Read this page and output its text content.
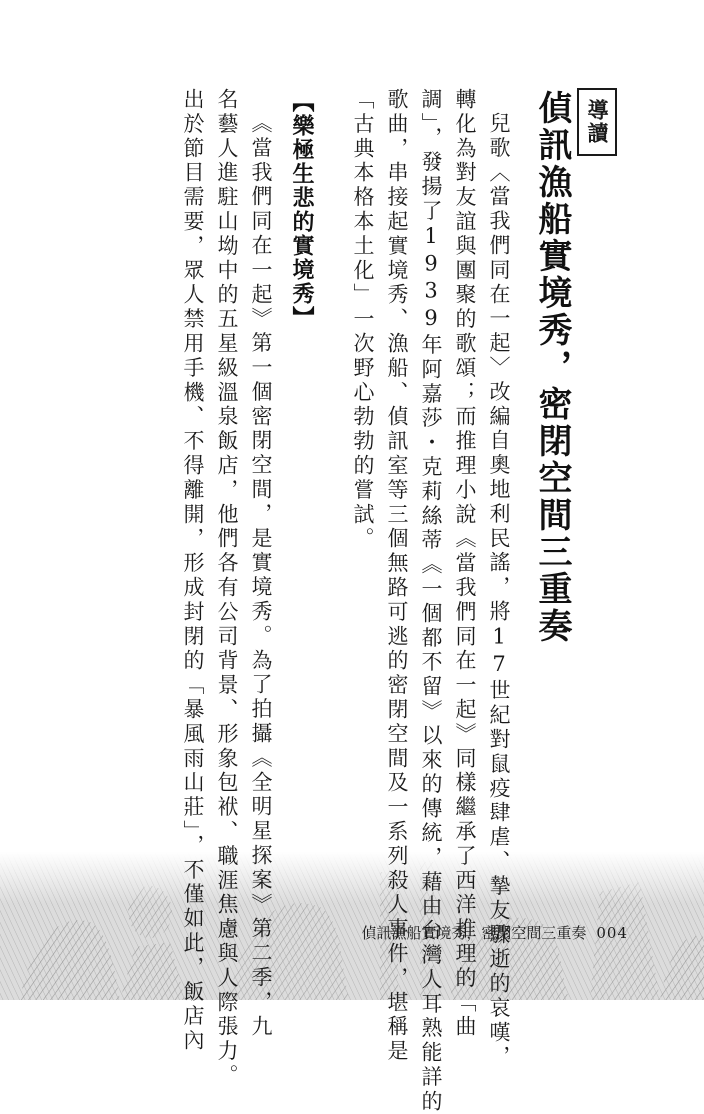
導讀
偵訊漁船實境秀，密閉空間三重奏
兒歌〈當我們同在一起〉改編自奧地利民謠，將17世紀對鼠疫肆虐、摯友驟逝的哀嘆，
轉化為對友誼與團聚的歌頌；而推理小說《當我們同在一起》同樣繼承了西洋推理的「曲
調」，發揚了1939年阿嘉莎・克莉絲蒂《一個都不留》以來的傳統，藉由台灣人耳熟能詳的
歌曲，串接起實境秀、漁船、偵訊室等三個無路可逃的密閉空間及一系列殺人事件，堪稱是
「古典本格本土化」一次野心勃勃的嘗試。
【樂極生悲的實境秀】
《當我們同在一起》第一個密閉空間，是實境秀。為了拍攝《全明星探案》第二季，九
名藝人進駐山坳中的五星級溫泉飯店，他們各有公司背景、形象包袱、職涯焦慮與人際張力。
出於節目需要，眾人禁用手機、不得離開，形成封閉的「暴風雨山莊」，不僅如此，飯店內	偵訊漁船實境秀，密閉空間三重奏 004
